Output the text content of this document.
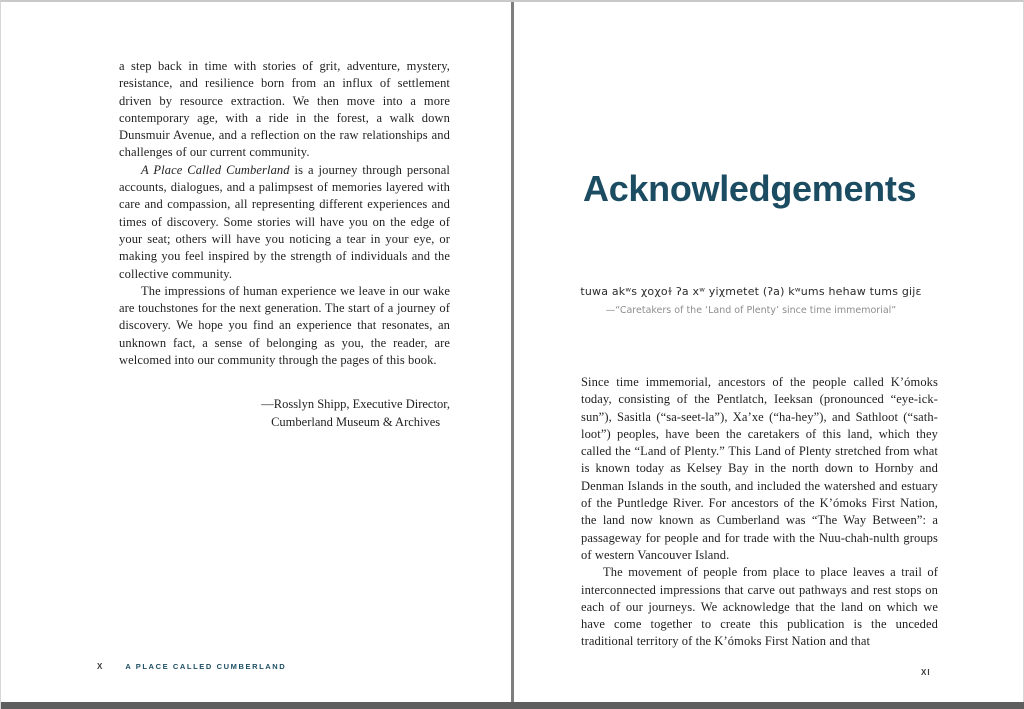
a step back in time with stories of grit, adventure, mystery, resistance, and resilience born from an influx of settlement driven by resource extraction. We then move into a more contemporary age, with a ride in the forest, a walk down Dunsmuir Avenue, and a reflection on the raw relationships and challenges of our current community.

A Place Called Cumberland is a journey through personal accounts, dialogues, and a palimpsest of memories layered with care and compassion, all representing different experiences and times of discovery. Some stories will have you on the edge of your seat; others will have you noticing a tear in your eye, or making you feel inspired by the strength of individuals and the collective community.

The impressions of human experience we leave in our wake are touchstones for the next generation. The start of a journey of discovery. We hope you find an experience that resonates, an unknown fact, a sense of belonging as you, the reader, are welcomed into our community through the pages of this book.

—Rosslyn Shipp, Executive Director,
Cumberland Museum & Archives
X	A PLACE CALLED CUMBERLAND
Acknowledgements
tuwa akʷs χoχoɫ ʔa xʷ yiχmetet (ʔa) kʷums hehaw tums gijɛ
—“Caretakers of the ‘Land of Plenty’ since time immemorial”

Since time immemorial, ancestors of the people called K’ómoks today, consisting of the Pentlatch, Ieeksan (pronounced “eye-ick-sun”), Sasitla (“sa-seet-la”), Xa’xe (“ha-hey”), and Sathloot (“sath-loot”) peoples, have been the caretakers of this land, which they called the “Land of Plenty.” This Land of Plenty stretched from what is known today as Kelsey Bay in the north down to Hornby and Denman Islands in the south, and included the watershed and estuary of the Puntledge River. For ancestors of the K’ómoks First Nation, the land now known as Cumberland was “The Way Between”: a passageway for people and for trade with the Nuu-chah-nulth groups of western Vancouver Island.

The movement of people from place to place leaves a trail of interconnected impressions that carve out pathways and rest stops on each of our journeys. We acknowledge that the land on which we have come together to create this publication is the unceded traditional territory of the K’ómoks First Nation and that

XI
